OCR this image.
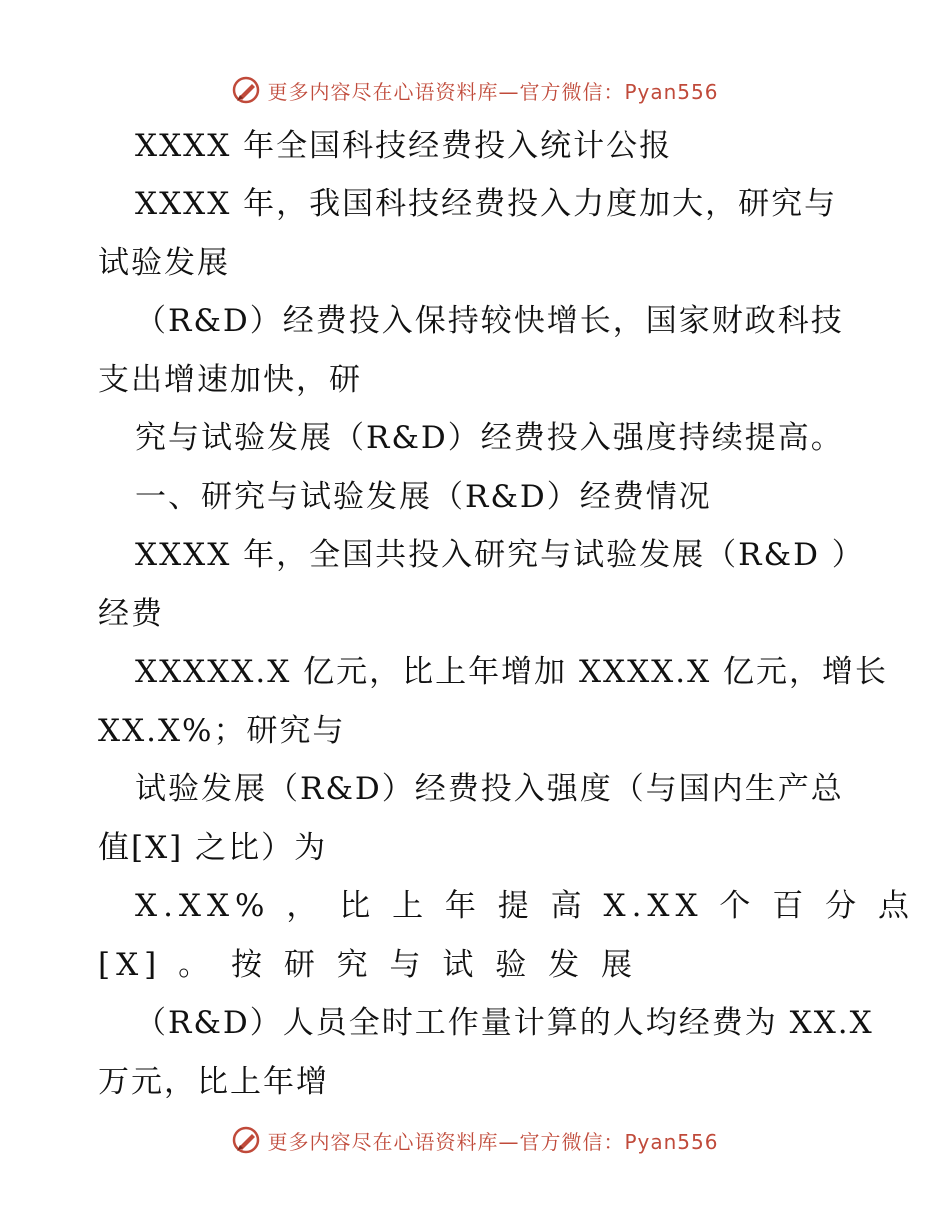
更多内容尽在心语资料库—官方微信：Pyan556
XXXX 年全国科技经费投入统计公报
XXXX 年，我国科技经费投入力度加大，研究与
试验发展
（R&D）经费投入保持较快增长，国家财政科技
支出增速加快，研
究与试验发展（R&D）经费投入强度持续提高。
一、研究与试验发展（R&D）经费情况
XXXX 年，全国共投入研究与试验发展（R&D ）
经费
XXXXX.X 亿元，比上年增加 XXXX.X 亿元，增长
XX.X%；研究与
试验发展（R&D）经费投入强度（与国内生产总
值[X] 之比）为
X.XX% ， 比 上 年 提 高 X.XX 个 百 分 点
[X] 。 按 研 究 与 试 验 发 展
（R&D）人员全时工作量计算的人均经费为 XX.X
万元，比上年增
更多内容尽在心语资料库—官方微信：Pyan556
